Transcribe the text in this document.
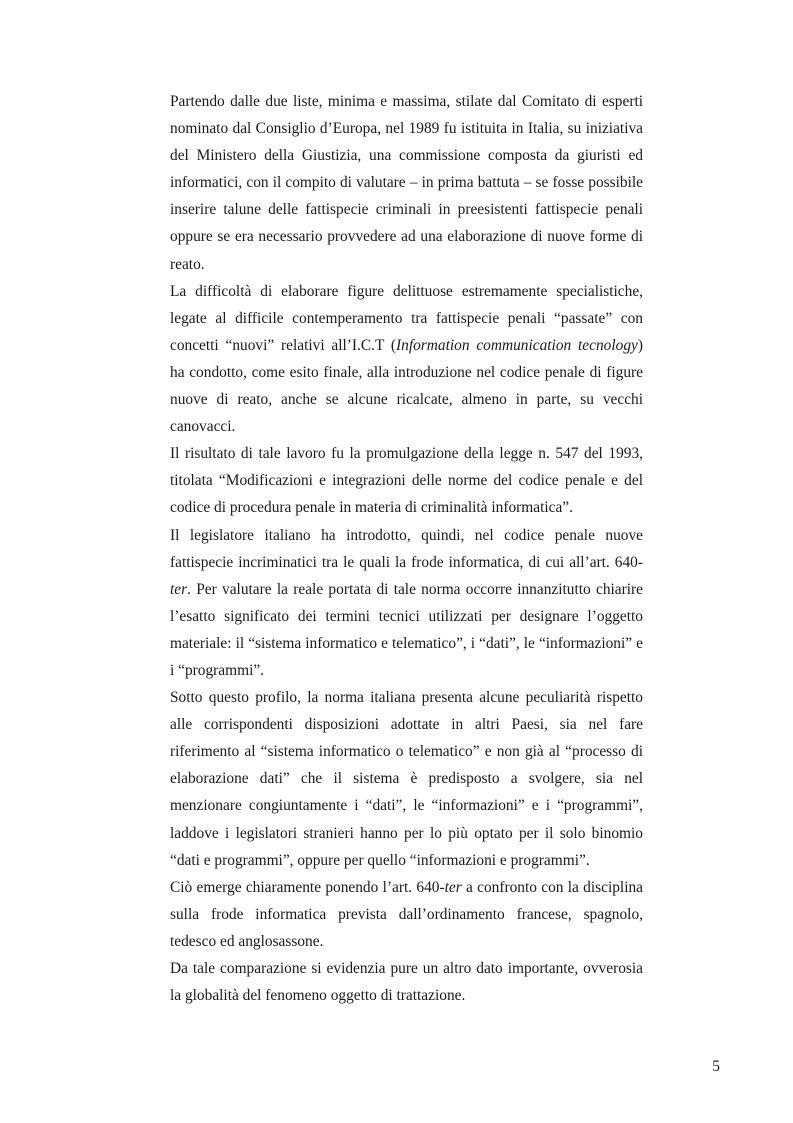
Partendo dalle due liste, minima e massima, stilate dal Comitato di esperti nominato dal Consiglio d’Europa, nel 1989 fu istituita in Italia, su iniziativa del Ministero della Giustizia, una commissione composta da giuristi ed informatici, con il compito di valutare – in prima battuta – se fosse possibile inserire talune delle fattispecie criminali in preesistenti fattispecie penali oppure se era necessario provvedere ad una elaborazione di nuove forme di reato.

La difficoltà di elaborare figure delittuose estremamente specialistiche, legate al difficile contemperamento tra fattispecie penali “passate” con concetti “nuovi” relativi all’I.C.T (Information communication tecnology) ha condotto, come esito finale, alla introduzione nel codice penale di figure nuove di reato, anche se alcune ricalcate, almeno in parte, su vecchi canovacci.

Il risultato di tale lavoro fu la promulgazione della legge n. 547 del 1993, titolata “Modificazioni e integrazioni delle norme del codice penale e del codice di procedura penale in materia di criminalità informatica”.

Il legislatore italiano ha introdotto, quindi, nel codice penale nuove fattispecie incriminatici tra le quali la frode informatica, di cui all’art. 640-ter. Per valutare la reale portata di tale norma occorre innanzitutto chiarire l’esatto significato dei termini tecnici utilizzati per designare l’oggetto materiale: il “sistema informatico e telematico”, i “dati”, le “informazioni” e i “programmi”.

Sotto questo profilo, la norma italiana presenta alcune peculiarità rispetto alle corrispondenti disposizioni adottate in altri Paesi, sia nel fare riferimento al “sistema informatico o telematico” e non già al “processo di elaborazione dati” che il sistema è predisposto a svolgere, sia nel menzionare congiuntamente i “dati”, le “informazioni” e i “programmi”, laddove i legislatori stranieri hanno per lo più optato per il solo binomio “dati e programmi”, oppure per quello “informazioni e programmi”.

Ciò emerge chiaramente ponendo l’art. 640-ter a confronto con la disciplina sulla frode informatica prevista dall’ordinamento francese, spagnolo, tedesco ed anglosassone.

Da tale comparazione si evidenzia pure un altro dato importante, ovverosia la globalità del fenomeno oggetto di trattazione.

5
